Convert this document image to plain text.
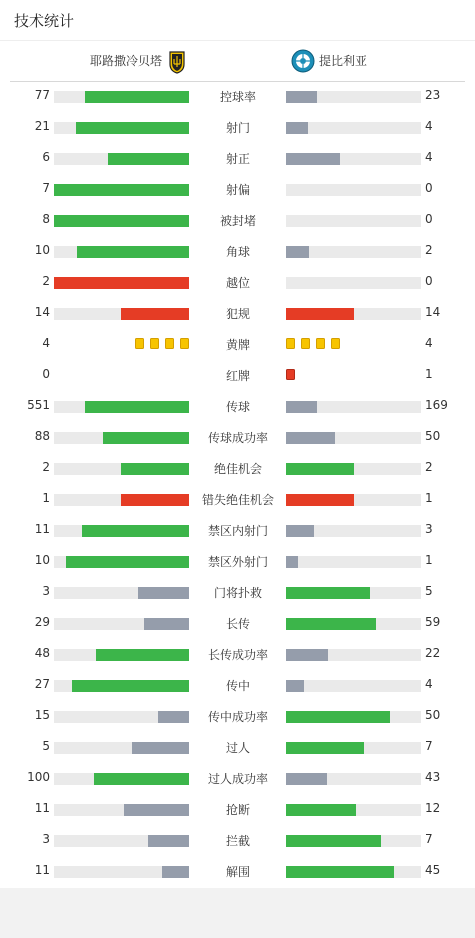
技术统计
耶路撒冷贝塔	提比利亚
77	控球率	23
21	射门	4
6	射正	4
7	射偏	0
8	被封堵	0
10	角球	2
2	越位	0
14	犯规	14
4	黄牌	4
0	红牌	1
551	传球	169
88	传球成功率	50
2	绝佳机会	2
1	错失绝佳机会	1
11	禁区内射门	3
10	禁区外射门	1
3	门将扑救	5
29	长传	59
48	长传成功率	22
27	传中	4
15	传中成功率	50
5	过人	7
100	过人成功率	43
11	抢断	12
3	拦截	7
11	解围	45
